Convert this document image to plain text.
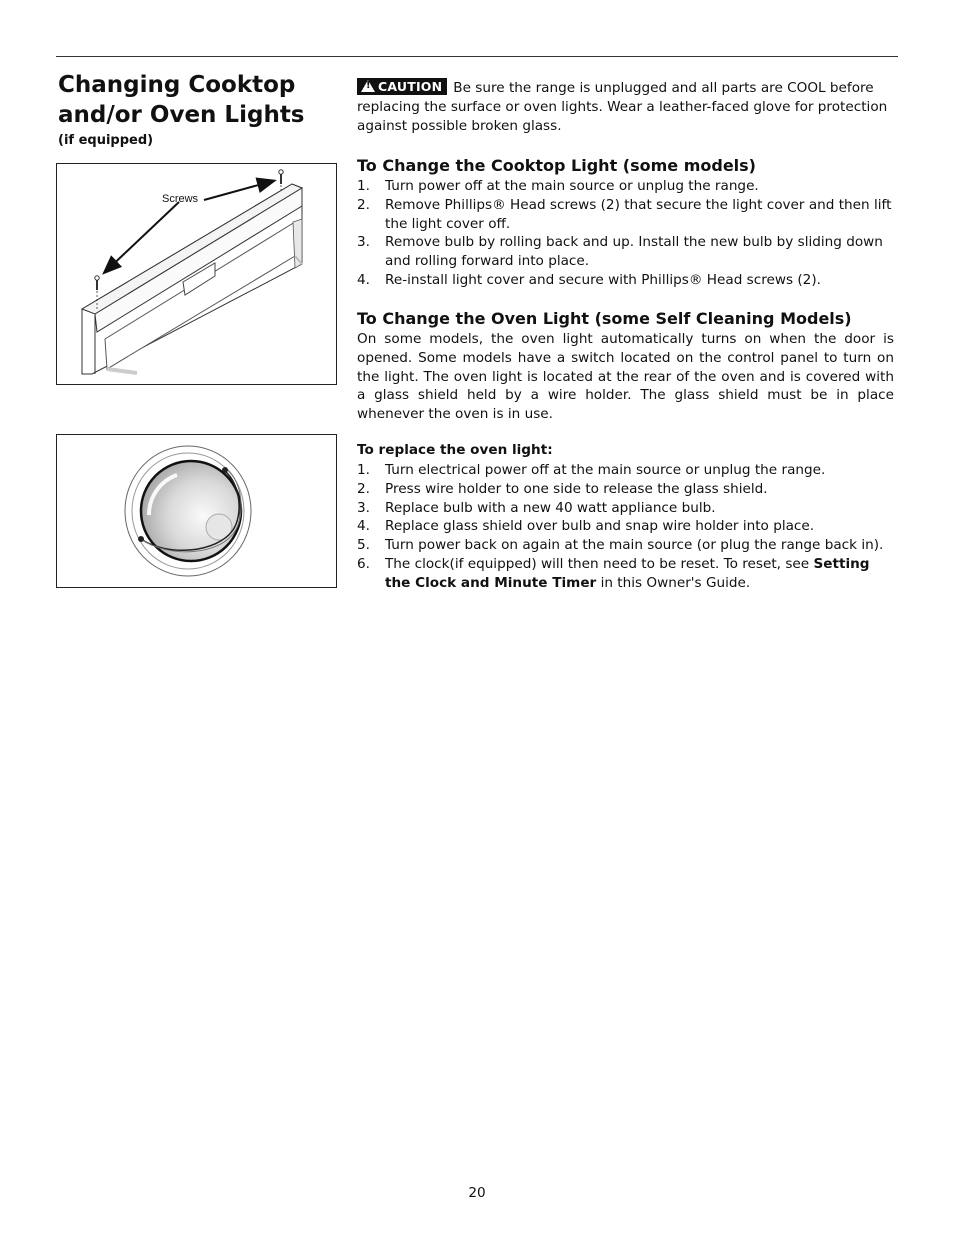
Changing Cooktop
and/or Oven Lights
(if equipped)
Screws
!CAUTION Be sure the range is unplugged and all parts are COOL before replacing the surface or oven lights. Wear a leather-faced glove for protection against possible broken glass.
To Change the Cooktop Light (some models)
1. Turn power off at the main source or unplug the range.
2. Remove Phillips® Head screws (2) that secure the light cover and then lift the light cover off.
3. Remove bulb by rolling back and up. Install the new bulb by sliding down and rolling forward into place.
4. Re-install light cover and secure with Phillips® Head screws (2).
To Change the Oven Light (some Self Cleaning Models)
On some models, the oven light automatically turns on when the door is opened. Some models have a switch located on the control panel to turn on the light. The oven light is located at the rear of the oven and is covered with a glass shield held by a wire holder. The glass shield must be in place whenever the oven is in use.
To replace the oven light:
1. Turn electrical power off at the main source or unplug the range.
2. Press wire holder to one side to release the glass shield.
3. Replace bulb with a new 40 watt appliance bulb.
4. Replace glass shield over bulb and snap wire holder into place.
5. Turn power back on again at the main source (or plug the range back in).
6. The clock(if equipped) will then need to be reset. To reset, see Setting the Clock and Minute Timer in this Owner's Guide.
20
